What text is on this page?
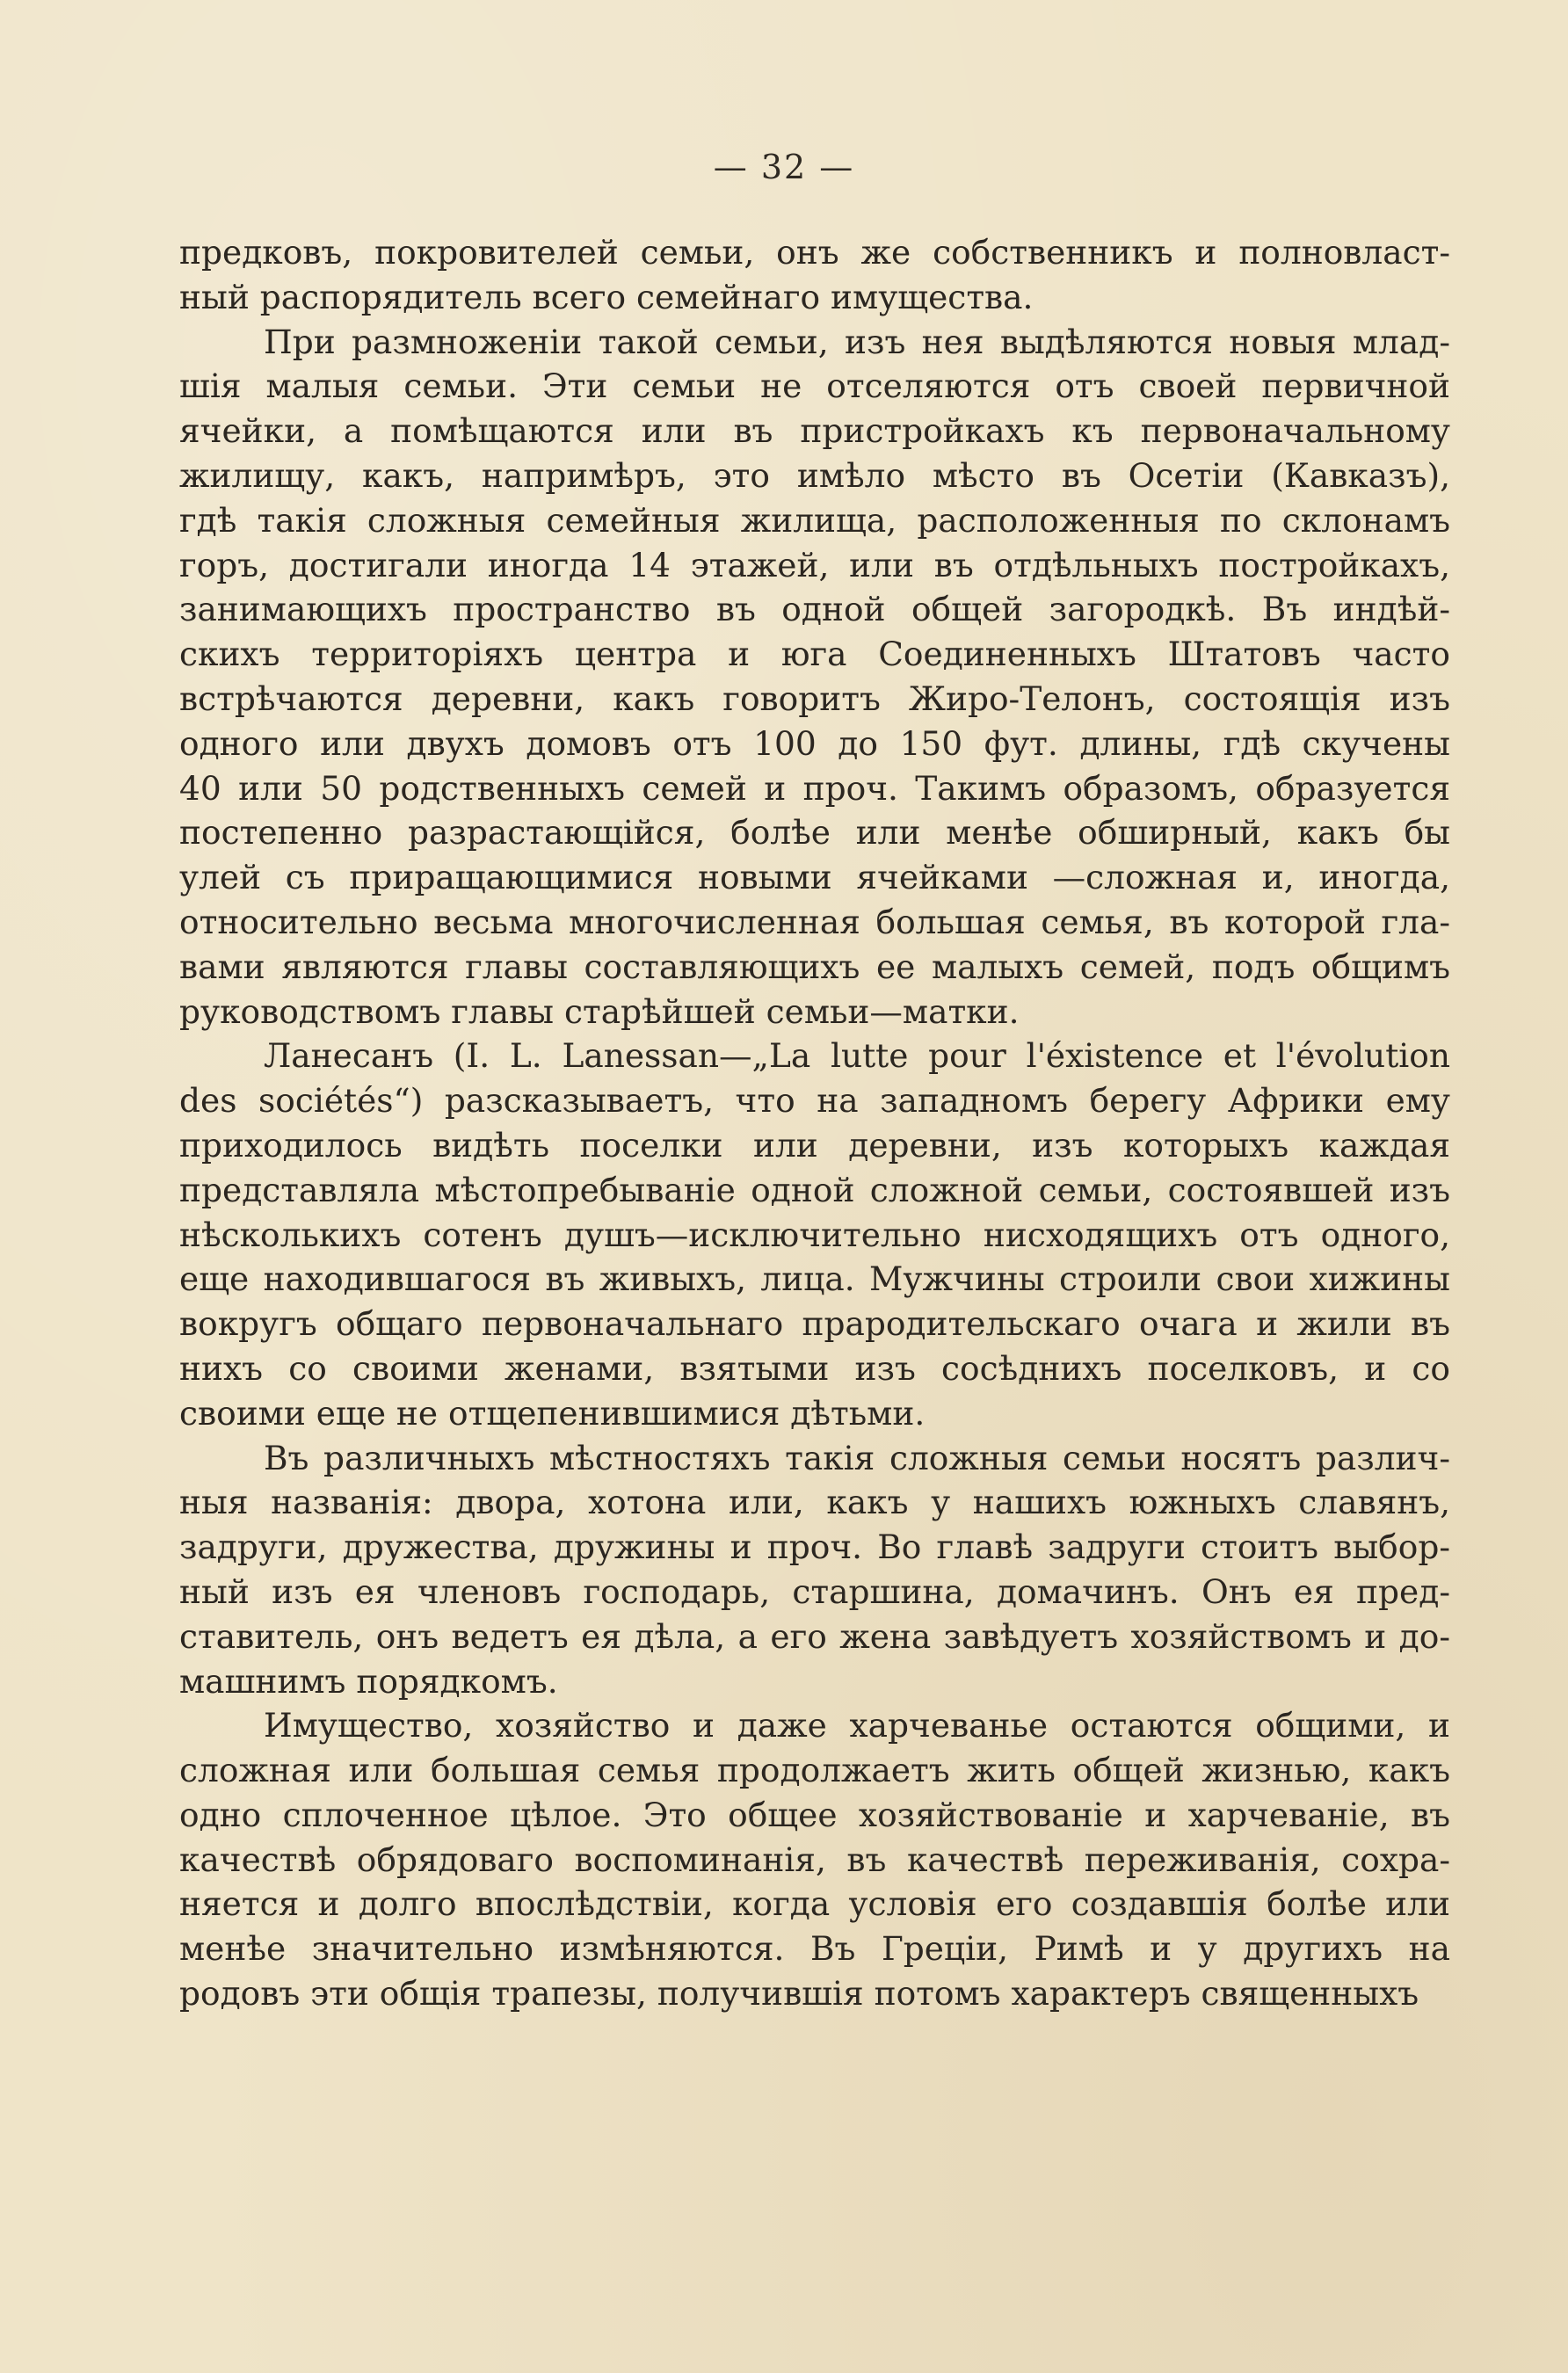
— 32 —

предковъ, покровителей семьи, онъ же собственникъ и полновласт-
ный распорядитель всего семейнаго имущества.

При размноженіи такой семьи, изъ нея выдѣляются новыя млад-
шія малыя семьи. Эти семьи не отселяются отъ своей первичной
ячейки, а помѣщаются или въ пристройкахъ къ первоначальному
жилищу, какъ, напримѣръ, это имѣло мѣсто въ Осетіи (Кавказъ),
гдѣ такія сложныя семейныя жилища, расположенныя по склонамъ
горъ, достигали иногда 14 этажей, или въ отдѣльныхъ постройкахъ,
занимающихъ пространство въ одной общей загородкѣ. Въ индѣй-
скихъ территоріяхъ центра и юга Соединенныхъ Штатовъ часто
встрѣчаются деревни, какъ говоритъ Жиро-Телонъ, состоящія изъ
одного или двухъ домовъ отъ 100 до 150 фут. длины, гдѣ скучены
40 или 50 родственныхъ семей и проч. Такимъ образомъ, образуется
постепенно разрастающійся, болѣе или менѣе обширный, какъ бы
улей съ приращающимися новыми ячейками —сложная и, иногда,
относительно весьма многочисленная большая семья, въ которой гла-
вами являются главы составляющихъ ее малыхъ семей, подъ общимъ
руководствомъ главы старѣйшей семьи—матки.

Ланесанъ (I. L. Lanessan—„La lutte pour l'éxistence et l'évolution
des sociétés“) разсказываетъ, что на западномъ берегу Африки ему
приходилось видѣть поселки или деревни, изъ которыхъ каждая
представляла мѣстопребываніе одной сложной семьи, состоявшей изъ
нѣсколькихъ сотенъ душъ—исключительно нисходящихъ отъ одного,
еще находившагося въ живыхъ, лица. Мужчины строили свои хижины
вокругъ общаго первоначальнаго прародительскаго очага и жили въ
нихъ со своими женами, взятыми изъ сосѣднихъ поселковъ, и со
своими еще не отщепенившимися дѣтьми.

Въ различныхъ мѣстностяхъ такія сложныя семьи носятъ различ-
ныя названія: двора, хотона или, какъ у нашихъ южныхъ славянъ,
задруги, дружества, дружины и проч. Во главѣ задруги стоитъ выбор-
ный изъ ея членовъ господарь, старшина, домачинъ. Онъ ея пред-
ставитель, онъ ведетъ ея дѣла, а его жена завѣдуетъ хозяйствомъ и до-
машнимъ порядкомъ.

Имущество, хозяйство и даже харчеванье остаются общими, и
сложная или большая семья продолжаетъ жить общей жизнью, какъ
одно сплоченное цѣлое. Это общее хозяйствованіе и харчеваніе, въ
качествѣ обрядоваго воспоминанія, въ качествѣ переживанія, сохра-
няется и долго впослѣдствіи, когда условія его создавшія болѣе или
менѣе значительно измѣняются. Въ Греціи, Римѣ и у другихъ на
родовъ эти общія трапезы, получившія потомъ характеръ священныхъ
